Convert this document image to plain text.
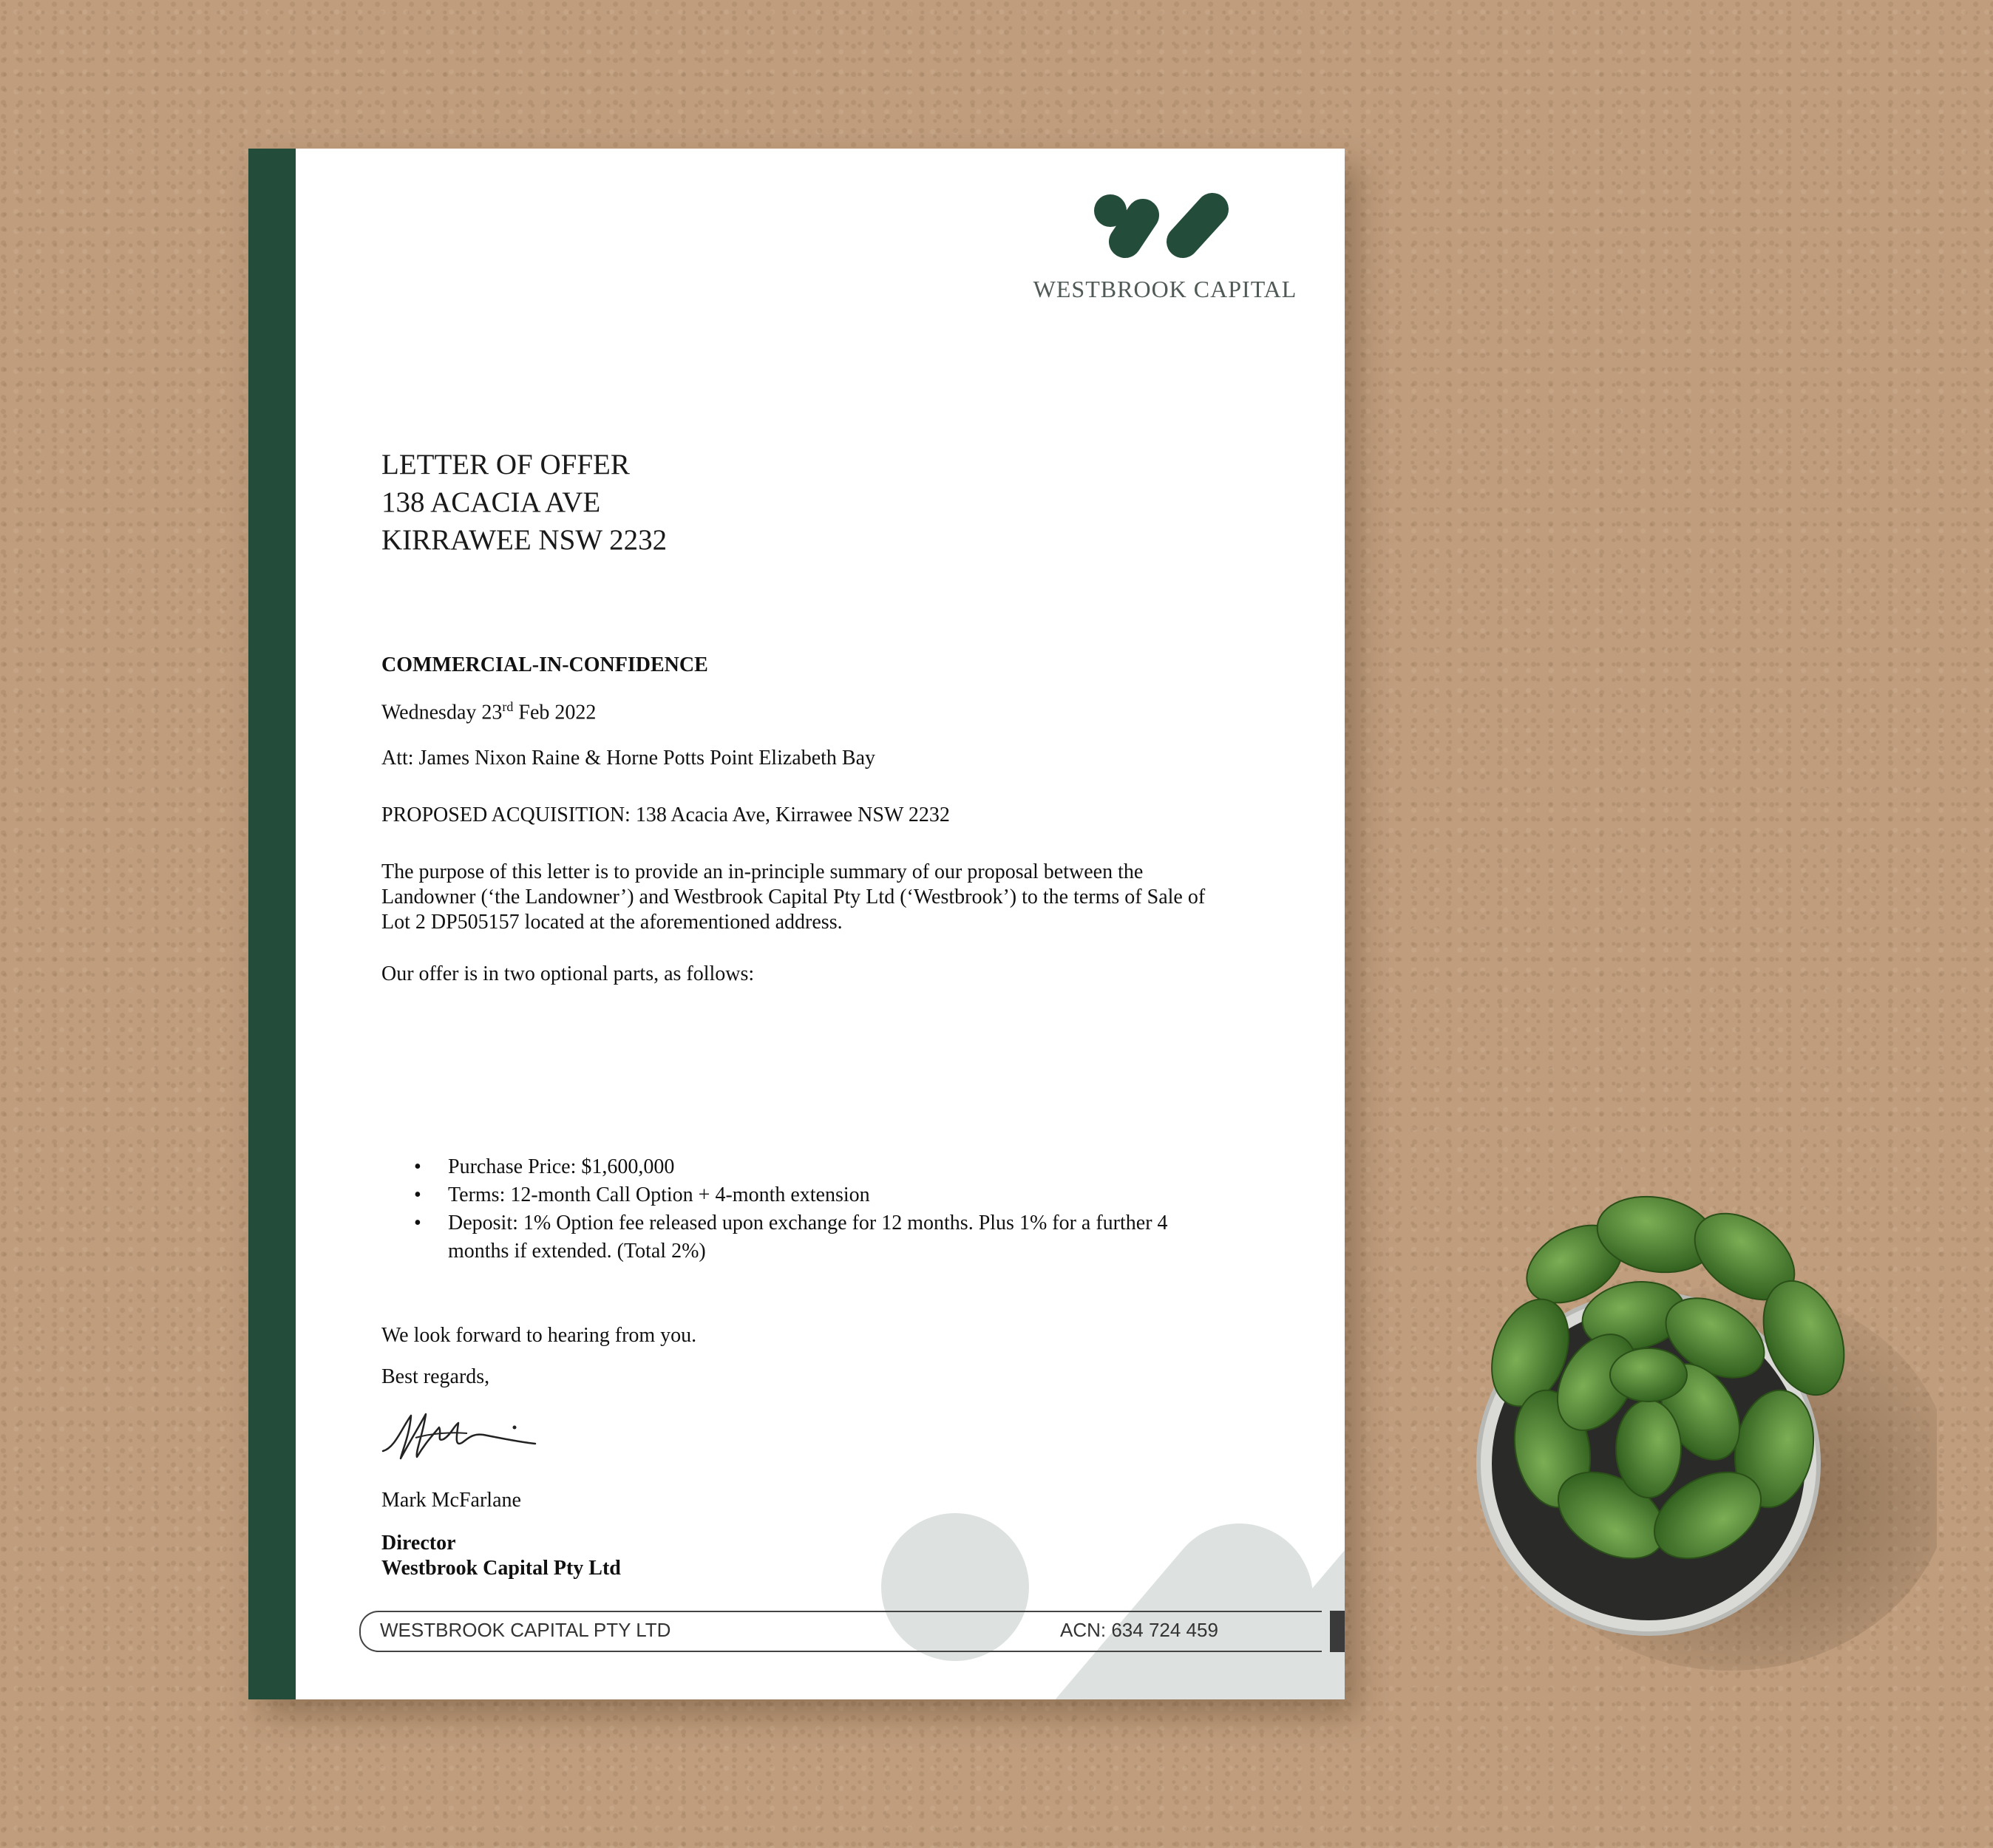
WESTBROOK CAPITAL
LETTER OF OFFER
138 ACACIA AVE
KIRRAWEE NSW 2232
COMMERCIAL-IN-CONFIDENCE
Wednesday 23rd Feb 2022
Att: James Nixon Raine & Horne Potts Point Elizabeth Bay
PROPOSED ACQUISITION: 138 Acacia Ave, Kirrawee NSW 2232
The purpose of this letter is to provide an in-principle summary of our proposal between the Landowner (‘the Landowner’) and Westbrook Capital Pty Ltd (‘Westbrook’) to the terms of Sale of Lot 2 DP505157 located at the aforementioned address.
Our offer is in two optional parts, as follows:
• Purchase Price: $1,600,000
• Terms: 12-month Call Option + 4-month extension
• Deposit: 1% Option fee released upon exchange for 12 months. Plus 1% for a further 4 months if extended. (Total 2%)
We look forward to hearing from you.
Best regards,
Mark McFarlane
Director
Westbrook Capital Pty Ltd
WESTBROOK CAPITAL PTY LTD	ACN: 634 724 459
